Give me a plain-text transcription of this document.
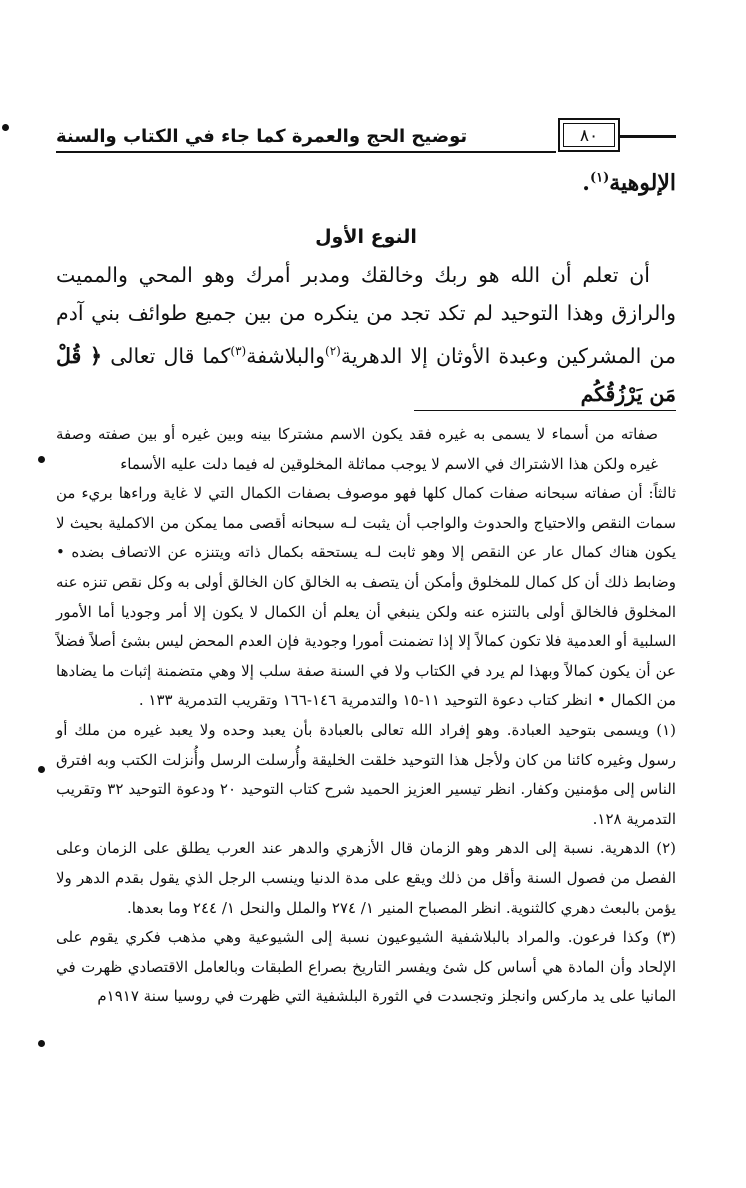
توضيح الحج والعمرة كما جاء في الكتاب والسنة	٨٠
الإلوهية$^{(١)}$.
النوع الأول
أن تعلم أن الله هو ربك وخالقك ومدبر أمرك وهو المحي والمميت والرازق وهذا التوحيد لم تكد تجد من ينكره من بين جميع طوائف بني آدم من المشركين وعبدة الأوثان إلا الدهرية$^{(٢)}$والبلاشفة$^{(٣)}$كما قال تعالى ﴿ قُلْ مَن يَرْزُقُكُم

صفاته من أسماء لا يسمى به غيره فقد يكون الاسم مشتركا بينه وبين غيره أو بين صفته وصفة غيره ولكن هذا الاشتراك في الاسم لا يوجب مماثلة المخلوقين له فيما دلت عليه الأسماء

ثالثاً: أن صفاته سبحانه صفات كمال كلها فهو موصوف بصفات الكمال التي لا غاية وراءها بريء من سمات النقص والاحتياج والحدوث والواجب أن يثبت لـه سبحانه أقصى مما يمكن من الاكملية بحيث لا يكون هناك كمال عار عن النقص إلا وهو ثابت لـه يستحقه بكمال ذاته ويتنزه عن الاتصاف بضده • وضابط ذلك أن كل كمال للمخلوق وأمكن أن يتصف به الخالق كان الخالق أولى به وكل نقص تنزه عنه المخلوق فالخالق أولى بالتنزه عنه ولكن ينبغي أن يعلم أن الكمال لا يكون إلا أمر وجوديا أما الأمور السلبية أو العدمية فلا تكون كمالاً إلا إذا تضمنت أمورا وجودية فإن العدم المحض ليس بشئ أصلاً فضلاً عن أن يكون كمالاً وبهذا لم يرد في الكتاب ولا في السنة صفة سلب إلا وهي متضمنة إثبات ما يضادها من الكمال • انظر كتاب دعوة التوحيد ١١-١٥ والتدمرية ١٤٦-١٦٦ وتقريب التدمرية ١٣٣ .

(١) ويسمى بتوحيد العبادة. وهو إفراد الله تعالى بالعبادة بأن يعبد وحده ولا يعبد غيره من ملك أو رسول وغيره كائنا من كان ولأجل هذا التوحيد خلقت الخليقة وأُرسلت الرسل وأُنزلت الكتب وبه افترق الناس إلى مؤمنين وكفار. انظر تيسير العزيز الحميد شرح كتاب التوحيد ٢٠ ودعوة التوحيد ٣٢ وتقريب التدمرية ١٢٨.

(٢) الدهرية. نسبة إلى الدهر وهو الزمان قال الأزهري والدهر عند العرب يطلق على الزمان وعلى الفصل من فصول السنة وأقل من ذلك ويقع على مدة الدنيا وينسب الرجل الذي يقول بقدم الدهر ولا يؤمن بالبعث دهري كالثنوية. انظر المصباح المنير ١/ ٢٧٤ والملل والنحل ١/ ٢٤٤ وما بعدها.

(٣) وكذا فرعون. والمراد بالبلاشفية الشيوعيون نسبة إلى الشيوعية وهي مذهب فكري يقوم على الإلحاد وأن المادة هي أساس كل شئ ويفسر التاريخ بصراع الطبقات وبالعامل الاقتصادي ظهرت في المانيا على يد ماركس وانجلز وتجسدت في الثورة البلشفية التي ظهرت في روسيا سنة ١٩١٧م
